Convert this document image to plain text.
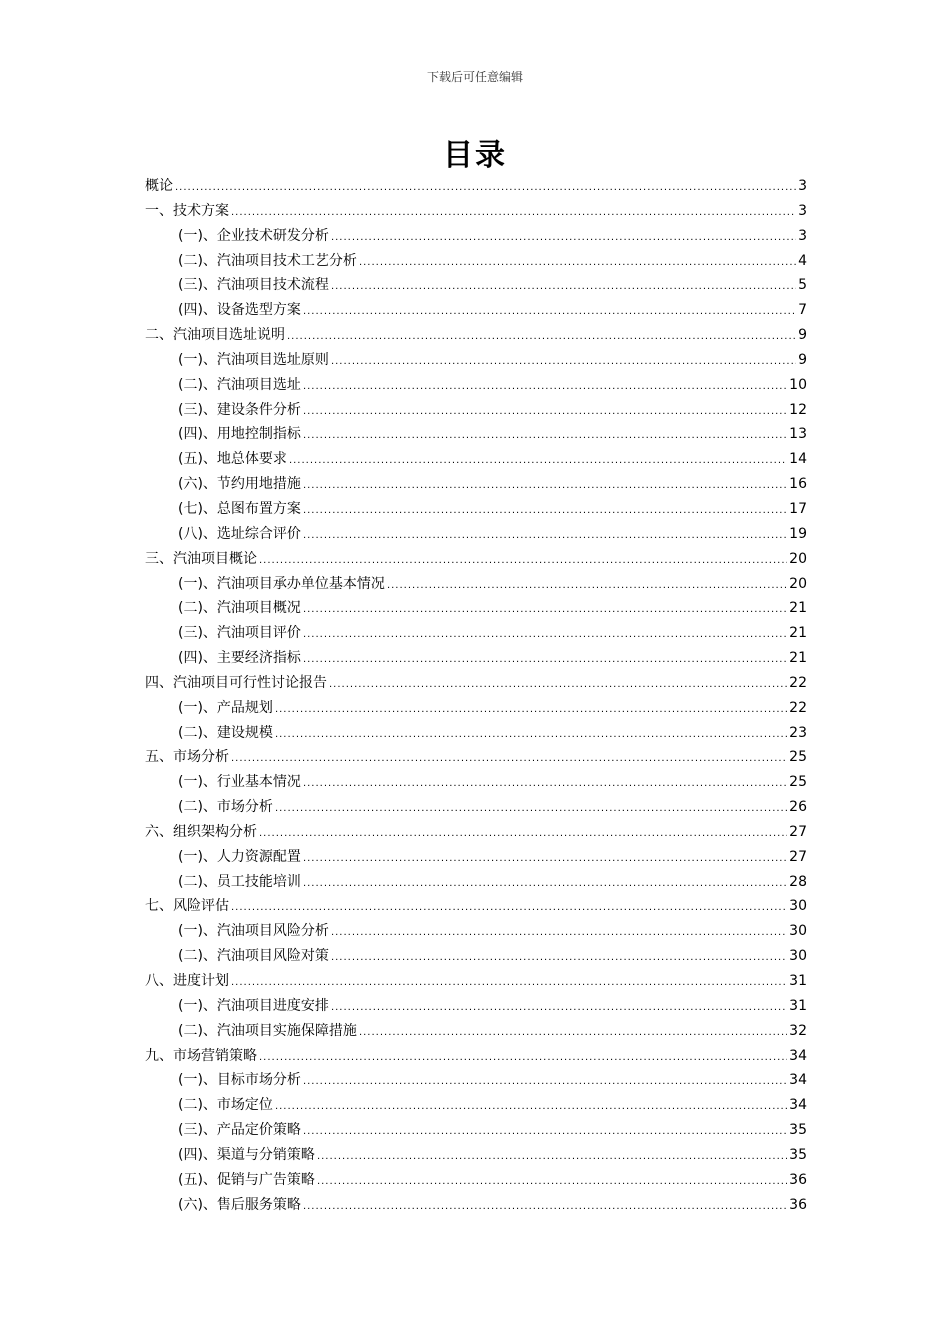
下载后可任意编辑
目录
概论 .....	3
一、技术方案 .....	3
(一)、企业技术研发分析 .....	3
(二)、汽油项目技术工艺分析 .....	4
(三)、汽油项目技术流程 .....	5
(四)、设备选型方案 .....	7
二、汽油项目选址说明 .....	9
(一)、汽油项目选址原则 .....	9
(二)、汽油项目选址 .....	10
(三)、建设条件分析 .....	12
(四)、用地控制指标 .....	13
(五)、地总体要求 .....	14
(六)、节约用地措施 .....	16
(七)、总图布置方案 .....	17
(八)、选址综合评价 .....	19
三、汽油项目概论 .....	20
(一)、汽油项目承办单位基本情况 .....	20
(二)、汽油项目概况 .....	21
(三)、汽油项目评价 .....	21
(四)、主要经济指标 .....	21
四、汽油项目可行性讨论报告 .....	22
(一)、产品规划 .....	22
(二)、建设规模 .....	23
五、市场分析 .....	25
(一)、行业基本情况 .....	25
(二)、市场分析 .....	26
六、组织架构分析 .....	27
(一)、人力资源配置 .....	27
(二)、员工技能培训 .....	28
七、风险评估 .....	30
(一)、汽油项目风险分析 .....	30
(二)、汽油项目风险对策 .....	30
八、进度计划 .....	31
(一)、汽油项目进度安排 .....	31
(二)、汽油项目实施保障措施 .....	32
九、市场营销策略 .....	34
(一)、目标市场分析 .....	34
(二)、市场定位 .....	34
(三)、产品定价策略 .....	35
(四)、渠道与分销策略 .....	35
(五)、促销与广告策略 .....	36
(六)、售后服务策略 .....	36
